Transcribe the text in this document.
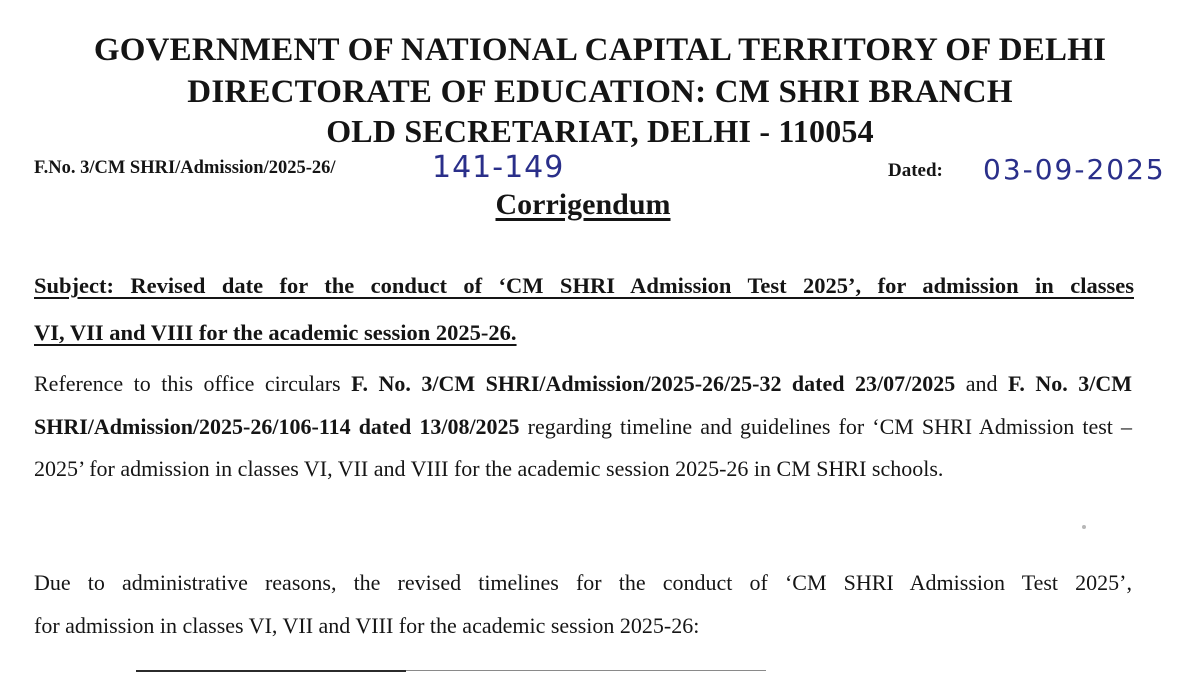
GOVERNMENT OF NATIONAL CAPITAL TERRITORY OF DELHI
DIRECTORATE OF EDUCATION: CM SHRI BRANCH
OLD SECRETARIAT, DELHI - 110054
F.No. 3/CM SHRI/Admission/2025-26/	141-149	Dated: 03-09-2025
Corrigendum
Subject: Revised date for the conduct of ‘CM SHRI Admission Test 2025’, for admission in classes
VI, VII and VIII for the academic session 2025-26.
Reference to this office circulars F. No. 3/CM SHRI/Admission/2025-26/25-32 dated 23/07/2025 and F. No. 3/CM SHRI/Admission/2025-26/106-114 dated 13/08/2025 regarding timeline and guidelines for ‘CM SHRI Admission test – 2025’ for admission in classes VI, VII and VIII for the academic session 2025-26 in CM SHRI schools.
Due to administrative reasons, the revised timelines for the conduct of ‘CM SHRI Admission Test 2025’,
for admission in classes VI, VII and VIII for the academic session 2025-26:
